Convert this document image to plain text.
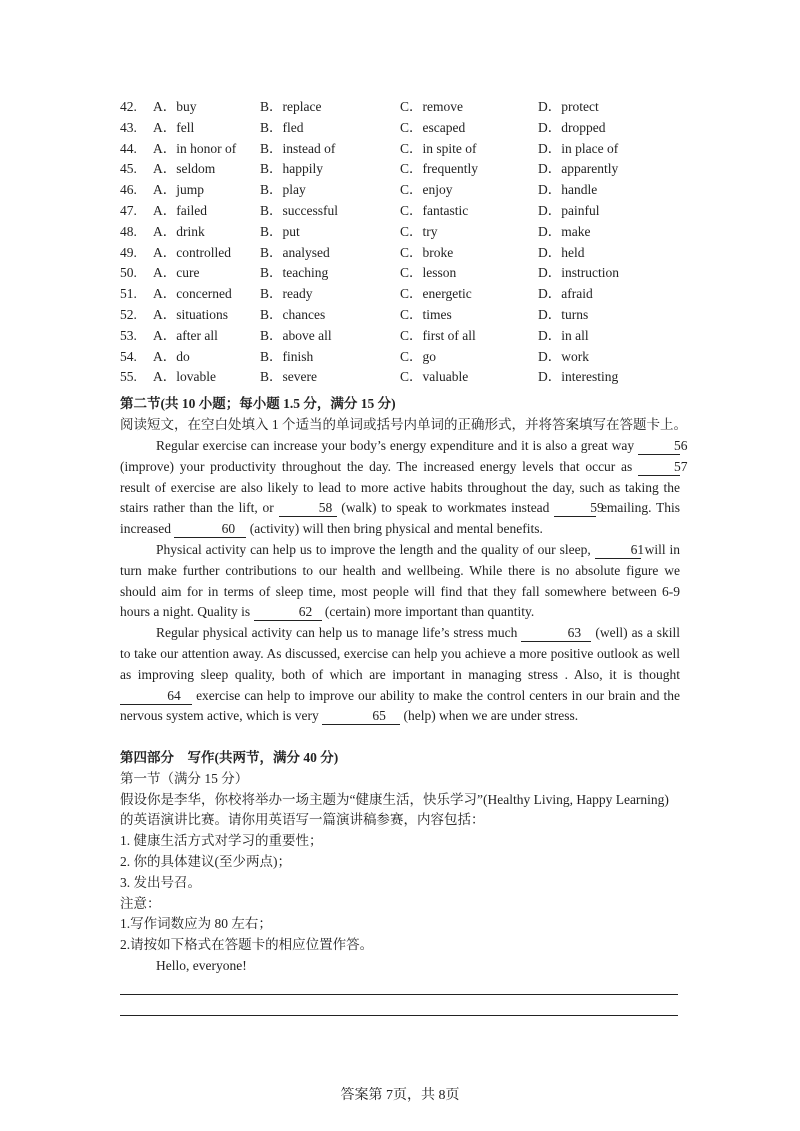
42. A．buy	B．replace	C．remove	D．protect
43. A．fell	B．fled	C．escaped	D．dropped
44. A．in honor of B．instead of	C．in spite of	D．in place of
45. A．seldom	B．happily	C．frequently	D．apparently
46. A．jump	B．play	C．enjoy	D．handle
47. A．failed	B．successful	C．fantastic	D．painful
48. A．drink	B．put	C．try	D．make
49. A．controlled B．analysed	C．broke	D．held
50. A．cure	B．teaching	C．lesson	D．instruction
51. A．concerned B．ready	C．energetic	D．afraid
52. A．situations B．chances	C．times	D．turns
53. A．after all	B．above all	C．first of all	D．in all
54. A．do	B．finish	C．go	D．work
55. A．lovable	B．severe	C．valuable	D．interesting

第二节(共 10 小题；每小题 1.5 分，满分 15 分)

阅读短文，在空白处填入 1 个适当的单词或括号内单词的正确形式，并将答案填写在答题卡上。

Regular exercise can increase your body’s energy expenditure and it is also a great way	56 (improve) your productivity throughout the day. The increased energy levels that occur as	57 result of exercise are also likely to lead to more active habits throughout the day, such as taking the stairs rather than the lift, or	58 (walk) to speak to workmates instead	59 emailing. This increased	60 (activity) will then bring physical and mental benefits.

Physical activity can help us to improve the length and the quality of our sleep,	61 will in turn make further contributions to our health and wellbeing. While there is no absolute figure we should aim for in terms of sleep time, most people will find that they fall somewhere between 6-9 hours a night. Quality is	62 (certain) more important than quantity.

Regular physical activity can help us to manage life’s stress much	63 (well) as a skill to take our attention away. As discussed, exercise can help you achieve a more positive outlook as well as improving sleep quality, both of which are important in managing stress . Also, it is thought 64 exercise can help to improve our ability to make the control centers in our brain and the nervous system active, which is very	65 (help) when we are under stress.

第四部分　写作(共两节，满分 40 分)

第一节（满分 15 分）

假设你是李华，你校将举办一场主题为“健康生活，快乐学习”(Healthy Living, Happy Learning)

的英语演讲比赛。请你用英语写一篇演讲稿参赛，内容包括：

1. 健康生活方式对学习的重要性；

2. 你的具体建议(至少两点)；

3. 发出号召。

注意：

1.写作词数应为 80 左右；

2.请按如下格式在答题卡的相应位置作答。

Hello, everyone!

答案第 7页，共 8页
